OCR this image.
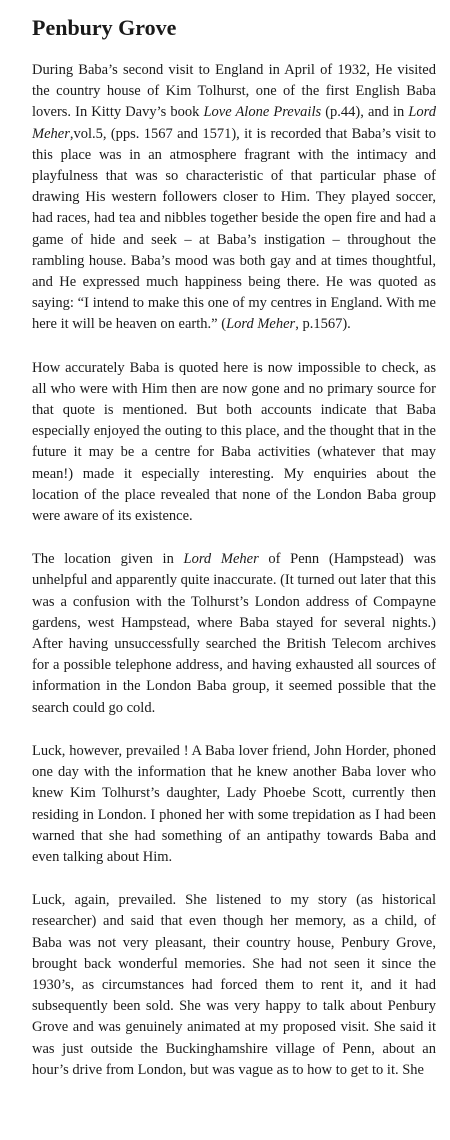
Penbury Grove

During Baba’s second visit to England in April of 1932, He visited the country house of Kim Tolhurst, one of the first English Baba lovers. In Kitty Davy’s book Love Alone Prevails (p.44), and in Lord Meher,vol.5, (pps. 1567 and 1571), it is recorded that Baba’s visit to this place was in an atmosphere fragrant with the intimacy and playfulness that was so characteristic of that particular phase of drawing His western followers closer to Him. They played soccer, had races, had tea and nibbles together beside the open fire and had a game of hide and seek – at Baba’s instigation – throughout the rambling house. Baba’s mood was both gay and at times thoughtful, and He expressed much happiness being there. He was quoted as saying: “I intend to make this one of my centres in England. With me here it will be heaven on earth.” (Lord Meher, p.1567).

How accurately Baba is quoted here is now impossible to check, as all who were with Him then are now gone and no primary source for that quote is mentioned. But both accounts indicate that Baba especially enjoyed the outing to this place, and the thought that in the future it may be a centre for Baba activities (whatever that may mean!) made it especially interesting. My enquiries about the location of the place revealed that none of the London Baba group were aware of its existence.

The location given in Lord Meher of Penn (Hampstead) was unhelpful and apparently quite inaccurate. (It turned out later that this was a confusion with the Tolhurst’s London address of Compayne gardens, west Hampstead, where Baba stayed for several nights.) After having unsuccessfully searched the British Telecom archives for a possible telephone address, and having exhausted all sources of information in the London Baba group, it seemed possible that the search could go cold.

Luck, however, prevailed ! A Baba lover friend, John Horder, phoned one day with the information that he knew another Baba lover who knew Kim Tolhurst’s daughter, Lady Phoebe Scott, currently then residing in London. I phoned her with some trepidation as I had been warned that she had something of an antipathy towards Baba and even talking about Him.

Luck, again, prevailed. She listened to my story (as historical researcher) and said that even though her memory, as a child, of Baba was not very pleasant, their country house, Penbury Grove, brought back wonderful memories. She had not seen it since the 1930’s, as circumstances had forced them to rent it, and it had subsequently been sold. She was very happy to talk about Penbury Grove and was genuinely animated at my proposed visit. She said it was just outside the Buckinghamshire village of Penn, about an hour’s drive from London, but was vague as to how to get to it. She
